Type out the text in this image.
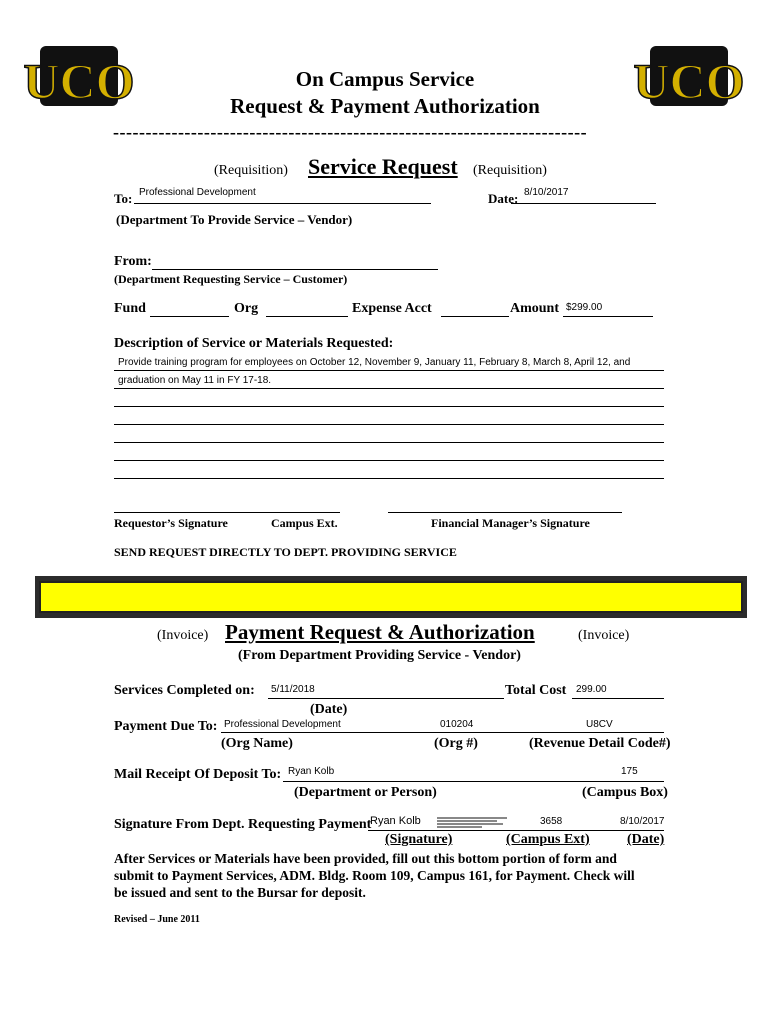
UCO	UCO
On Campus Service
Request & Payment Authorization
-------------------------------------------------------------------------
(Requisition) Service Request (Requisition)
To: Professional Development	Date: 8/10/2017
(Department To Provide Service – Vendor)
From:
(Department Requesting Service – Customer)
Fund	Org	Expense Acct	Amount $299.00
Description of Service or Materials Requested:
Provide training program for employees on October 12, November 9, January 11, February 8, March 8, April 12, and
graduation on May 11 in FY 17-18.
Requestor’s Signature	Campus Ext.	Financial Manager’s Signature
SEND REQUEST DIRECTLY TO DEPT. PROVIDING SERVICE
(Invoice) Payment Request & Authorization	(Invoice)
(From Department Providing Service - Vendor)
Services Completed on: 5/11/2018	Total Cost 299.00
(Date)
Payment Due To: Professional Development	010204	U8CV
(Org Name)	(Org #)	(Revenue Detail Code#)
Mail Receipt Of Deposit To: Ryan Kolb	175
(Department or Person)	(Campus Box)
Signature From Dept. Requesting Payment
Ryan Kolb	3658	8/10/2017
(Signature)	(Campus Ext)	(Date)
After Services or Materials have been provided, fill out this bottom portion of form and
submit to Payment Services, ADM. Bldg. Room 109, Campus 161, for Payment. Check will
be issued and sent to the Bursar for deposit.
Revised – June 2011
